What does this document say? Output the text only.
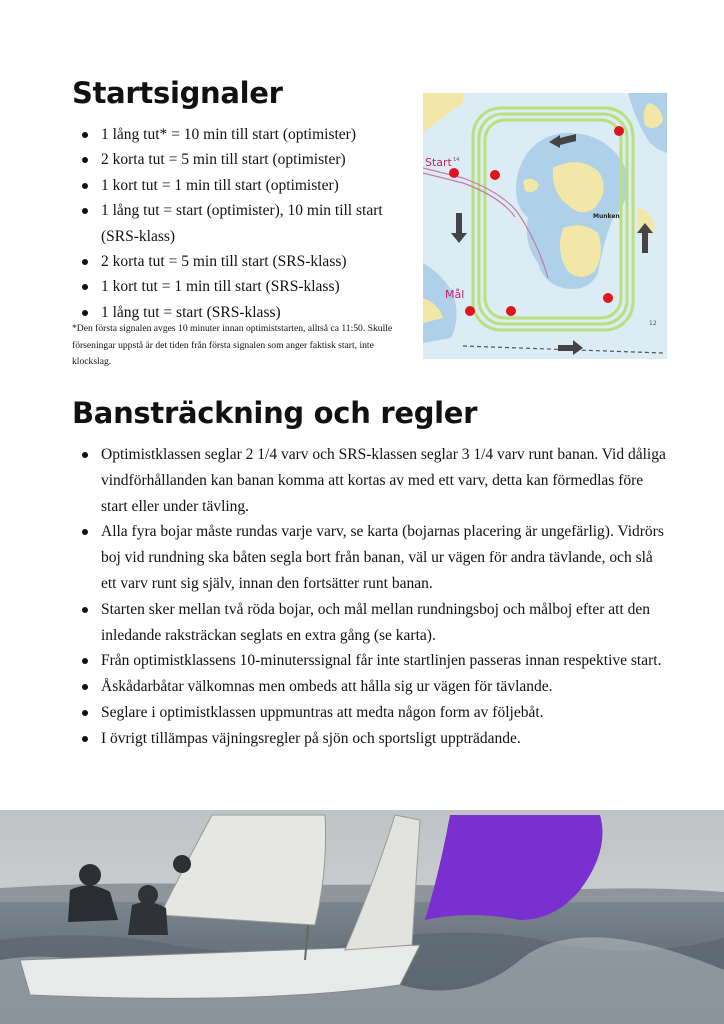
Startsignaler
1 lång tut* = 10 min till start (optimister)
2 korta tut = 5 min till start (optimister)
1 kort tut = 1 min till start (optimister)
1 lång tut = start (optimister), 10 min till start (SRS-klass)
2 korta tut = 5 min till start (SRS-klass)
1 kort tut = 1 min till start (SRS-klass)
1 lång tut = start (SRS-klass)

*Den första signalen avges 10 minuter innan optimiststarten, alltså ca 11:50. Skulle förseningar uppstå är det tiden från första signalen som anger faktisk start, inte klockslag.

Start 14
Mål
Munken
12
Bansträckning och regler
Optimistklassen seglar 2 1/4 varv och SRS-klassen seglar 3 1/4 varv runt banan. Vid dåliga vindförhållanden kan banan komma att kortas av med ett varv, detta kan förmedlas före start eller under tävling.
Alla fyra bojar måste rundas varje varv, se karta (bojarnas placering är ungefärlig). Vidrörs boj vid rundning ska båten segla bort från banan, väl ur vägen för andra tävlande, och slå ett varv runt sig själv, innan den fortsätter runt banan.
Starten sker mellan två röda bojar, och mål mellan rundningsboj och målboj efter att den inledande raksträckan seglats en extra gång (se karta).
Från optimistklassens 10-minuterssignal får inte startlinjen passeras innan respektive start.
Åskådarbåtar välkomnas men ombeds att hålla sig ur vägen för tävlande.
Seglare i optimistklassen uppmuntras att medta någon form av följebåt.
I övrigt tillämpas väjningsregler på sjön och sportsligt uppträdande.
